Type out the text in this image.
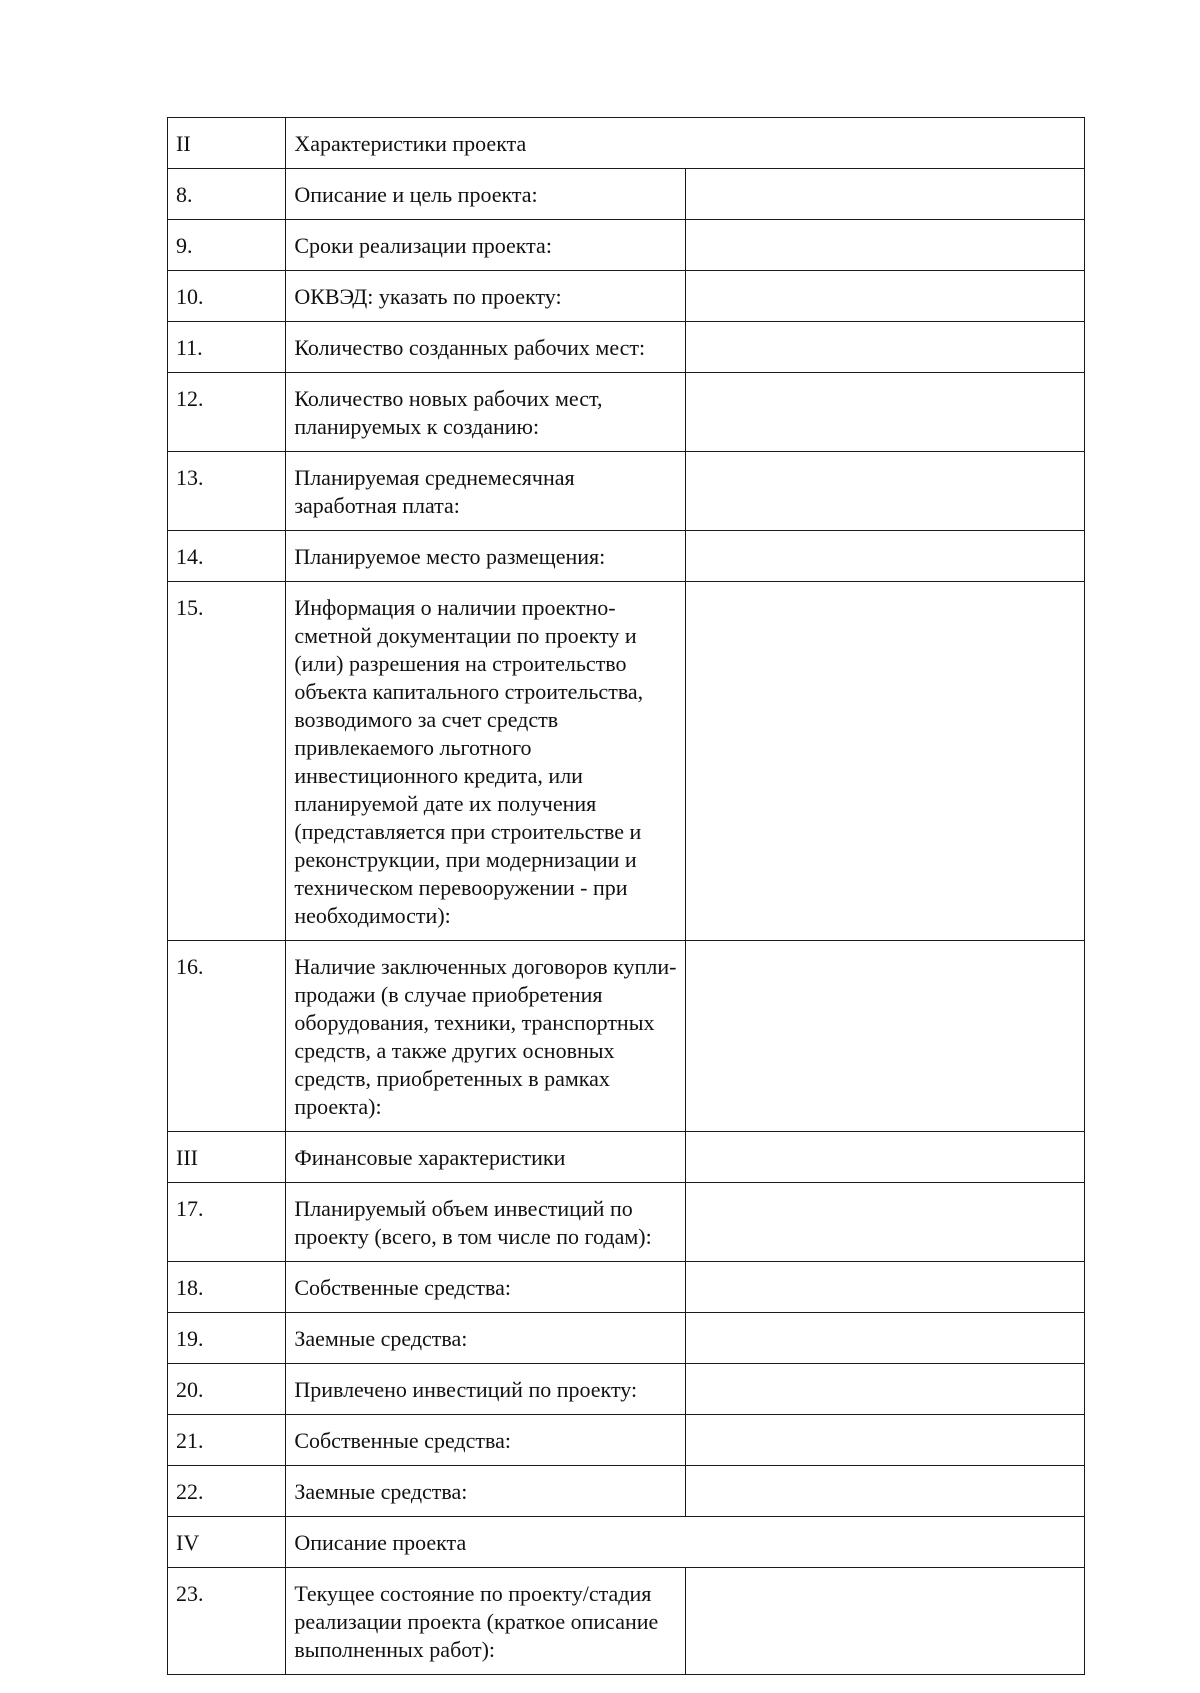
II	Характеристики проекта	
8.	Описание и цель проекта:	
9.	Сроки реализации проекта:	
10.	ОКВЭД: указать по проекту:	
11.	Количество созданных рабочих мест:	
12.	Количество новых рабочих мест, планируемых к созданию:	
13.	Планируемая среднемесячная заработная плата:	
14.	Планируемое место размещения:	
15.	Информация о наличии проектно-сметной документации по проекту и (или) разрешения на строительство объекта капитального строительства, возводимого за счет средств привлекаемого льготного инвестиционного кредита, или планируемой дате их получения (представляется при строительстве и реконструкции, при модернизации и техническом перевооружении - при необходимости):	
16.	Наличие заключенных договоров купли-продажи (в случае приобретения оборудования, техники, транспортных средств, а также других основных средств, приобретенных в рамках проекта):	
III	Финансовые характеристики	
17.	Планируемый объем инвестиций по проекту (всего, в том числе по годам):	
18.	Собственные средства:	
19.	Заемные средства:	
20.	Привлечено инвестиций по проекту:	
21.	Собственные средства:	
22.	Заемные средства:	
IV	Описание проекта	
23.	Текущее состояние по проекту/стадия реализации проекта (краткое описание выполненных работ):	
